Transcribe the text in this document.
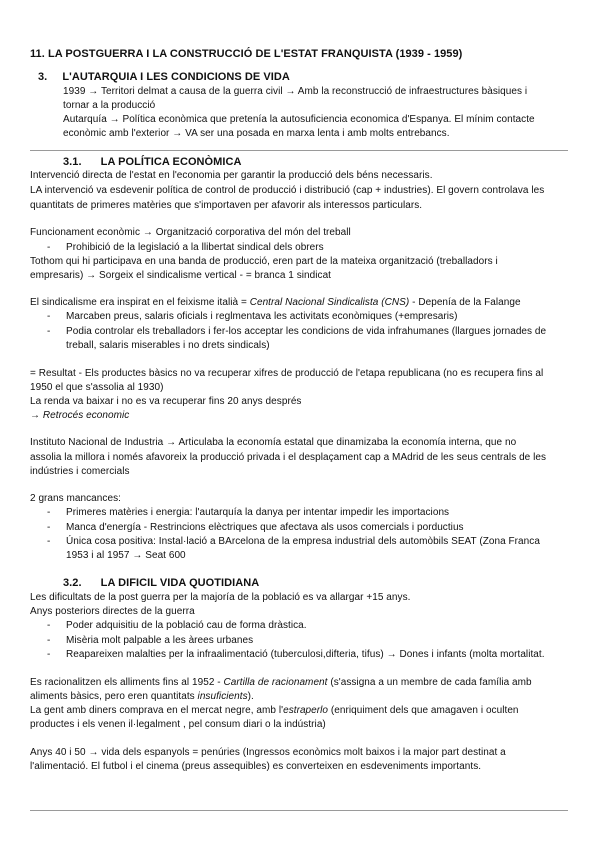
11. LA POSTGUERRA I LA CONSTRUCCIÓ DE L'ESTAT FRANQUISTA (1939 - 1959)
3. L'AUTARQUIA I LES CONDICIONS DE VIDA
1939 → Territori delmat a causa de la guerra civil → Amb la reconstrucció de infraestructures bàsiques i
tornar a la producció
Autarquía → Política econòmica que pretenía la autosuficiencia economica d'Espanya. El mínim contacte
econòmic amb l'exterior → VA ser una posada en marxa lenta i amb molts entrebancs.
3.1. LA POLÍTICA ECONÒMICA
Intervenció directa de l'estat en l'economia per garantir la producció dels béns necessaris.
LA intervenció va esdevenir política de control de producció i distribució (cap + industries). El govern controlava les
quantitats de primeres matèries que s'importaven per afavorir als interessos particulars.
Funcionament econòmic → Organització corporativa del món del treball
- Prohibició de la legislació a la llibertat sindical dels obrers
Tothom qui hi participava en una banda de producció, eren part de la mateixa organització (treballadors i
empresaris) → Sorgeix el sindicalisme vertical - = branca 1 sindicat
El sindicalisme era inspirat en el feixisme italià = Central Nacional Sindicalista (CNS) - Depenía de la Falange
- Marcaben preus, salaris oficials i reglmentava les activitats econòmiques (+empresaris)
- Podia controlar els treballadors i fer-los acceptar les condicions de vida infrahumanes (llargues jornades de
treball, salaris miserables i no drets sindicals)
= Resultat - Els productes bàsics no va recuperar xifres de producció de l'etapa republicana (no es recupera fins al
1950 el que s'assolia al 1930)
La renda va baixar i no es va recuperar fins 20 anys després
→ Retrocés economic
Instituto Nacional de Industria → Articulaba la economía estatal que dinamizaba la economía interna, que no
assolia la millora i només afavoreix la producció privada i el desplaçament cap a MAdrid de les seus centrals de les
indústries i comercials
2 grans mancances:
- Primeres matèries i energia: l'autarquía la danya per intentar impedir les importacions
- Manca d'energía - Restrincions elèctriques que afectava als usos comercials i porductius
- Única cosa positiva: Instal·lació a BArcelona de la empresa industrial dels automòbils SEAT (Zona Franca
1953 i al 1957 → Seat 600
3.2. LA DIFICIL VIDA QUOTIDIANA
Les dificultats de la post guerra per la majoría de la població es va allargar +15 anys.
Anys posteriors directes de la guerra
- Poder adquisitiu de la població cau de forma dràstica.
- Misèria molt palpable a les àrees urbanes
- Reapareixen malalties per la infraalimentació (tuberculosi,difteria, tifus) → Dones i infants (molta mortalitat.
Es racionalitzen els alliments fins al 1952 - Cartilla de racionament (s'assigna a un membre de cada família amb
aliments bàsics, pero eren quantitats insuficients).
La gent amb diners comprava en el mercat negre, amb l'estraperlo (enriquiment dels que amagaven i oculten
productes i els venen il·legalment , pel consum diari o la indústria)
Anys 40 i 50 → vida dels espanyols = penúries (Ingressos econòmics molt baixos i la major part destinat a
l'alimentació. El futbol i el cinema (preus assequibles) es converteixen en esdeveniments importants.
